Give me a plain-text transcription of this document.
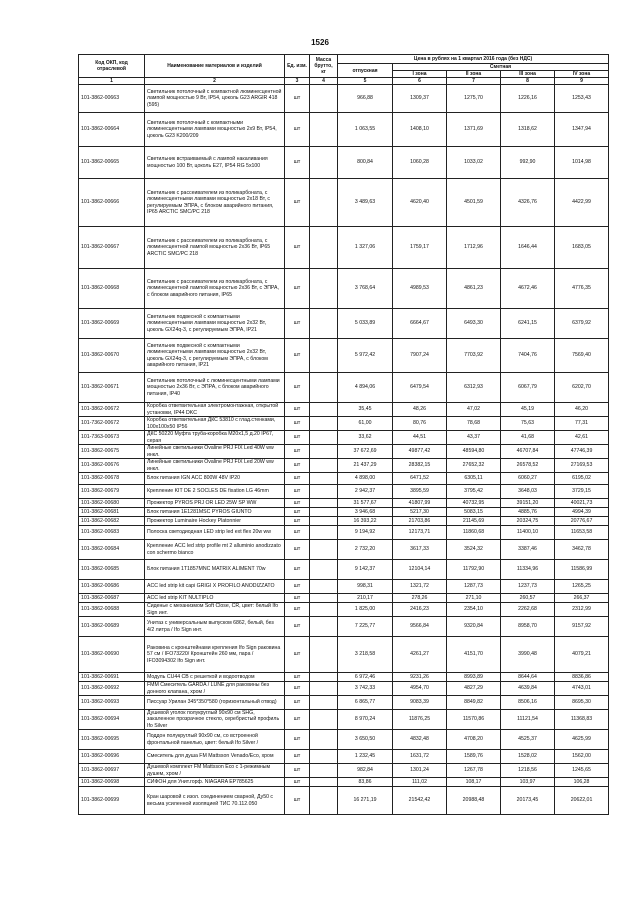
1526
Код ОКП, код отраслевой	Наименование материалов и изделий	Ед. изм.	Масса брутто, кг	Цена в рублях на 1 квартал 2016 года (без НДС)				
				отпускная	Сметная			
					I зона	II зона	III зона	IV зона
1	2	3	4	5	6	7	8	9
101-3862-00663	Светильник потолочный с компактной люминесцентной лампой мощностью 9 Вт, IP54, цоколь G23 ARGIR 418 (595)	шт		966,88	1309,37	1275,70	1226,16	1253,43
101-3862-00664	Светильник потолочный с компактными люминесцентными лампами мощностью 2х9 Вт, IP54, цоколь G23 K200/209	шт		1 063,55	1408,10	1371,69	1318,62	1347,94
101-3862-00665	Светильник встраиваемый с лампой накаливания мощностью 100 Вт, цоколь E27, IP54 RG 5х100	шт		800,84	1060,28	1033,02	992,90	1014,98
101-3862-00666	Светильник с рассеивателем из поликарбоната, с люминесцентными лампами мощностью 2х18 Вт, с регулируемым ЭПРА, с блоком аварийного питания, IP65 ARCTIC SMC/PC 218	шт		3 489,63	4620,40	4501,59	4326,76	4422,99
101-3862-00667	Светильник с рассеивателем из поликарбоната, с люминесцентной лампой мощностью 2х36 Вт, IP65 ARCTIC SMC/PC 218	шт		1 327,06	1759,17	1712,96	1646,44	1683,05
101-3862-00668	Светильник с рассеивателем из поликарбоната, с люминесцентной лампой мощностью 2х36 Вт, с ЭПРА, с блоком аварийного питания, IP65	шт		3 768,64	4989,53	4861,23	4672,46	4776,35
101-3862-00669	Светильник подвесной с компактными люминесцентными лампами мощностью 2х32 Вт, цоколь GX24q-3, с регулируемым ЭПРА, IP21	шт		5 033,89	6664,67	6493,30	6241,15	6379,92
101-3862-00670	Светильник подвесной с компактными люминесцентными лампами мощностью 2х32 Вт, цоколь GX24q-3, с регулируемым ЭПРА, с блоком аварийного питания, IP21	шт		5 972,42	7907,24	7703,92	7404,76	7569,40
101-3862-00671	Светильник потолочный с люминесцентными лампами мощностью 2х36 Вт, с ЭПРА, с блоком аварийного питания, IP40	шт		4 894,06	6479,54	6312,93	6067,79	6202,70
101-3862-00672	Коробка ответвительная электромонтажная, открытой установки, IP44 DKC	шт		35,45	48,26	47,02	45,19	46,20
101-7362-00672	Коробка ответвительная ДКС 53810 с глад.стенками, 100х100х50 IP56	шт		61,00	80,76	78,68	75,63	77,31
101-7363-00673	ДКС 50220 Муфта труба-коробка M20х1,5 д.20 IP67, серая	шт		33,62	44,51	43,37	41,68	42,61
101-3862-00675	Линейные светильники Ovaline PRJ FIX Led 40W ww инкл.	шт		37 672,69	49877,42	48594,80	46707,84	47746,39
101-3862-00676	Линейные светильники Ovaline PRJ FIX Led 20W ww инкл.	шт		21 437,29	28382,15	27652,32	26578,52	27169,53
101-3862-00678	Блок питания IGN ACC 800W 48V IP20	шт		4 898,00	6471,52	6305,11	6060,27	6195,02
101-3862-00679	Крепление KIT DE 2 SOCLES DE fixation LG 46mm	шт		2 942,37	3895,59	3795,42	3648,03	3729,15
101-3862-00680	Прожектор PYROS PRJ OR LED 25W SP WW	шт		31 577,67	41807,99	40732,95	39151,20	40021,73
101-3862-00681	Блок питания 1E1281MSC PYROS GIUNTO	шт		3 946,68	5217,30	5083,15	4885,76	4994,39
101-3862-00682	Прожектор Luminaire Hockey Platonnier	шт		16 393,22	21703,86	21145,69	20324,75	20776,67
101-3862-00683	Полоска светодиодная LED strip led ext flex 20w ww	шт		9 194,92	12173,71	11860,68	11400,10	11653,58
101-3862-00684	Крепление ACC led strip profile mt 2 alluminio anodizzato con schermo bianco	шт		2 732,20	3617,33	3524,32	3387,46	3462,78
101-3862-00685	Блок питания 1T1857MNC MATRIX ALIMENT 70w	шт		9 142,37	12104,14	11792,90	11334,96	11586,99
101-3862-00686	ACC led strip kit capi GRIGI X PROFILO ANODIZZATO	шт		998,31	1321,72	1287,73	1237,73	1265,25
101-3862-00687	ACC led strip KIT NULTIPLO	шт		210,17	278,26	271,10	260,57	266,37
101-3862-00688	Сиденье с механизмом Soft Close, CR, цвет: белый Ifo Sign инт.	шт		1 825,00	2416,23	2354,10	2262,68	2312,99
101-3862-00689	Унитаз с универсальным выпуском 6862, белый, без 4/2 литра / Ifo Sign инт.	шт		7 225,77	9566,84	9320,84	8958,70	9157,92
101-3862-00690	Раковина с кронштейнами крепления Ifo Sign раковина 57 см / IFO73220/ Кронштейн 260 мм, пара / IFO3094302 Ifo Sign инт.	шт		3 218,58	4261,27	4151,70	3990,48	4079,21
101-3862-00691	Модуль CU44 CB с решеткой и водоотводом	шт		6 972,46	9231,26	8993,89	8644,64	8836,86
101-3862-00692	FMM Смеситель GARDA / LUNE для раковины без донного клапана, хром /	шт		3 742,33	4954,70	4827,29	4639,84	4743,01
101-3862-00693	Писсуар Урилан 345*350*580 (горизонтальный отвод)	шт		6 865,77	9083,39	8849,82	8506,16	8695,30
101-3862-00694	Душевой уголок полукруглый 90х90 см SHG, закаленное прозрачное стекло, серебристый профиль Ifo Silver	шт		8 970,24	11876,25	11570,86	11121,54	11368,83
101-3862-00695	Поддон полукруглый 90х90 см, со встроенной фронтальной панелью, цвет: белый Ifo Silver /	шт		3 650,50	4832,48	4708,20	4525,37	4625,99
101-3862-00696	Смеситель для душа FM Mattsson Venado/Eco, хром	шт		1 232,45	1631,72	1589,76	1528,02	1562,00
101-3862-00697	Душевой комплект FM Mattsson Eco с 1-режимным душем, хром /	шт		982,84	1301,24	1267,78	1218,56	1245,65
101-3862-00698	СИФОН для Унит.горф. NIAGARA EP785625	шт		83,86	111,02	108,17	103,97	106,28
101-3862-00699	Кран шаровой с изол. соединением сварной, Ду50 с весьма усиленной изоляцией ТИС 70.112.050	шт		16 271,19	21542,42	20988,48	20173,45	20622,01
